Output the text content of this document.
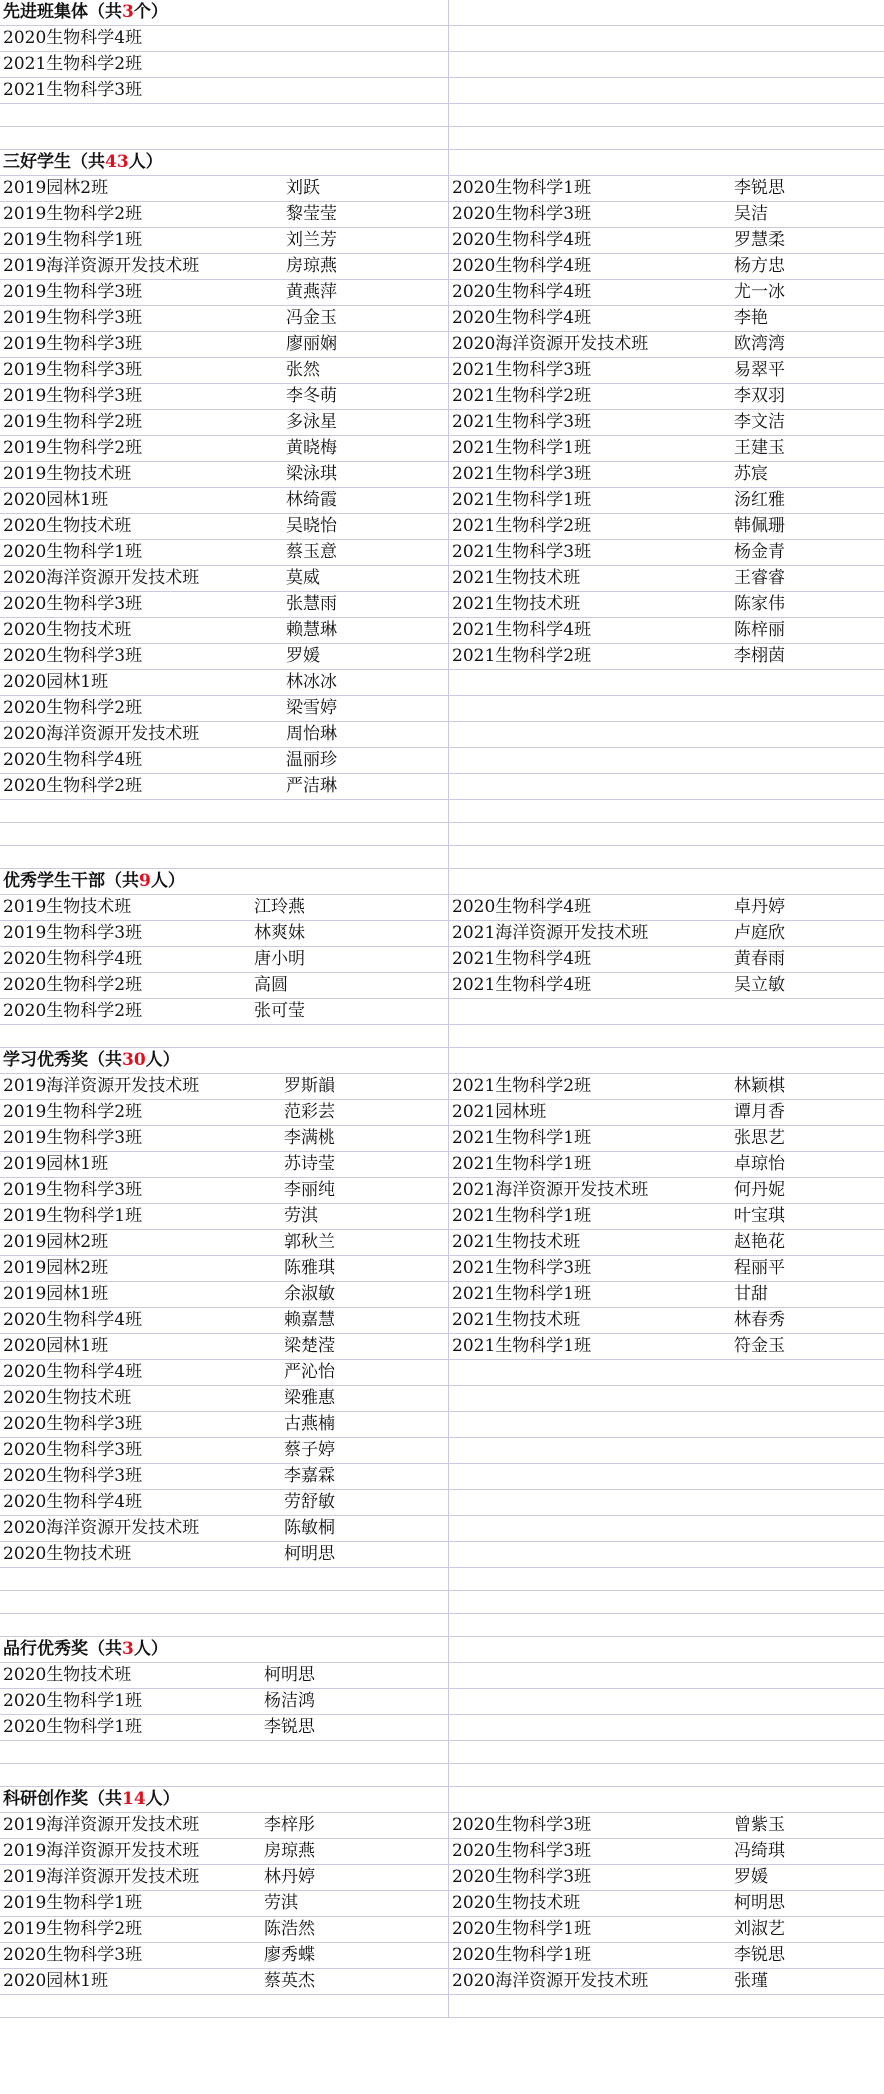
先进班集体（共3个）
2020生物科学4班
2021生物科学2班
2021生物科学3班
三好学生（共43人）
2019园林2班	刘跃	2020生物科学1班	李锐思
2019生物科学2班	黎莹莹	2020生物科学3班	吴洁
2019生物科学1班	刘兰芳	2020生物科学4班	罗慧柔
2019海洋资源开发技术班	房琼燕	2020生物科学4班	杨方忠
2019生物科学3班	黄燕萍	2020生物科学4班	尤一冰
2019生物科学3班	冯金玉	2020生物科学4班	李艳
2019生物科学3班	廖丽娴	2020海洋资源开发技术班	欧湾湾
2019生物科学3班	张然	2021生物科学3班	易翠平
2019生物科学3班	李冬萌	2021生物科学2班	李双羽
2019生物科学2班	多泳星	2021生物科学3班	李文洁
2019生物科学2班	黄晓梅	2021生物科学1班	王建玉
2019生物技术班	梁泳琪	2021生物科学3班	苏宸
2020园林1班	林绮霞	2021生物科学1班	汤红雅
2020生物技术班	吴晓怡	2021生物科学2班	韩佩珊
2020生物科学1班	蔡玉意	2021生物科学3班	杨金青
2020海洋资源开发技术班	莫威	2021生物技术班	王睿睿
2020生物科学3班	张慧雨	2021生物技术班	陈家伟
2020生物技术班	赖慧琳	2021生物科学4班	陈梓丽
2020生物科学3班	罗媛	2021生物科学2班	李栩茵
2020园林1班	林冰冰
2020生物科学2班	梁雪婷
2020海洋资源开发技术班	周怡琳
2020生物科学4班	温丽珍
2020生物科学2班	严洁琳
优秀学生干部（共9人）
2019生物技术班	江玲燕	2020生物科学4班	卓丹婷
2019生物科学3班	林爽妹	2021海洋资源开发技术班	卢庭欣
2020生物科学4班	唐小明	2021生物科学4班	黄春雨
2020生物科学2班	高圆	2021生物科学4班	吴立敏
2020生物科学2班	张可莹
学习优秀奖（共30人）
2019海洋资源开发技术班	罗斯韻	2021生物科学2班	林颖棋
2019生物科学2班	范彩芸	2021园林班	谭月香
2019生物科学3班	李满桃	2021生物科学1班	张思艺
2019园林1班	苏诗莹	2021生物科学1班	卓琼怡
2019生物科学3班	李丽纯	2021海洋资源开发技术班	何丹妮
2019生物科学1班	劳淇	2021生物科学1班	叶宝琪
2019园林2班	郭秋兰	2021生物技术班	赵艳花
2019园林2班	陈雅琪	2021生物科学3班	程丽平
2019园林1班	余淑敏	2021生物科学1班	甘甜
2020生物科学4班	赖嘉慧	2021生物技术班	林春秀
2020园林1班	梁楚滢	2021生物科学1班	符金玉
2020生物科学4班	严沁怡
2020生物技术班	梁雅惠
2020生物科学3班	古燕楠
2020生物科学3班	蔡子婷
2020生物科学3班	李嘉霖
2020生物科学4班	劳舒敏
2020海洋资源开发技术班	陈敏桐
2020生物技术班	柯明思
品行优秀奖（共3人）
2020生物技术班	柯明思
2020生物科学1班	杨洁鸿
2020生物科学1班	李锐思
科研创作奖（共14人）
2019海洋资源开发技术班	李梓彤	2020生物科学3班	曾紫玉
2019海洋资源开发技术班	房琼燕	2020生物科学3班	冯绮琪
2019海洋资源开发技术班	林丹婷	2020生物科学3班	罗媛
2019生物科学1班	劳淇	2020生物技术班	柯明思
2019生物科学2班	陈浩然	2020生物科学1班	刘淑艺
2020生物科学3班	廖秀蝶	2020生物科学1班	李锐思
2020园林1班	蔡英杰	2020海洋资源开发技术班	张瑾
